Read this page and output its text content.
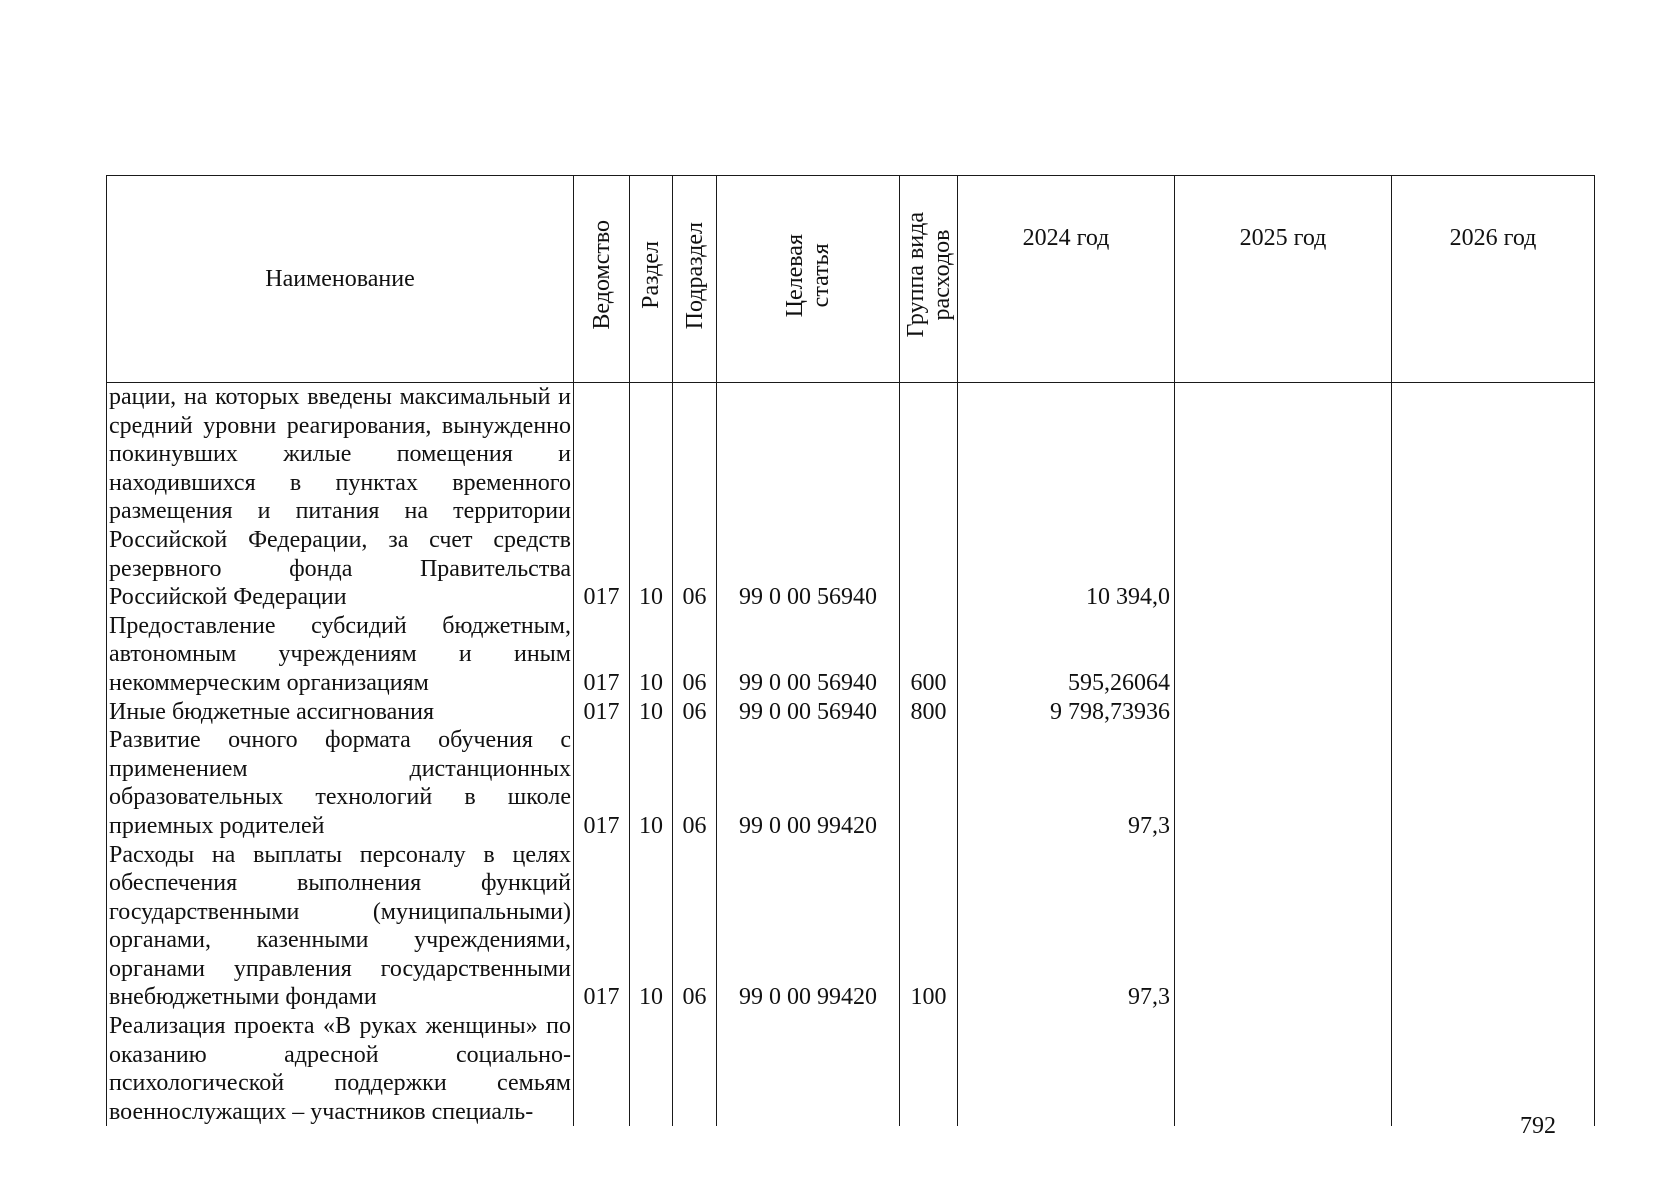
Наименование	Ведомство	Раздел	Подраздел	Целевая
статья	Группа вида
расходов	2024 год	2025 год	2026 год
рации, на которых введены максимальный и средний уровни реагирования, вынужденно покинувших жилые помещения и находившихся в пунктах временного размещения и питания на территории Российской Федерации, за счет средств резервного фонда Правительства Российской Федерации	017	10	06	99 0 00 56940		10 394,0		
Предоставление субсидий бюджетным, автономным учреждениям и иным некоммерческим организациям	017	10	06	99 0 00 56940	600	595,26064		
Иные бюджетные ассигнования	017	10	06	99 0 00 56940	800	9 798,73936		
Развитие очного формата обучения с применением дистанционных образовательных технологий в школе приемных родителей	017	10	06	99 0 00 99420		97,3		
Расходы на выплаты персоналу в целях обеспечения выполнения функций государственными (муниципальными) органами, казенными учреждениями, органами управления государственными внебюджетными фондами	017	10	06	99 0 00 99420	100	97,3		
Реализация проекта «В руках женщины» по оказанию адресной социально-психологической поддержки семьям военнослужащих – участников специаль-								
792
